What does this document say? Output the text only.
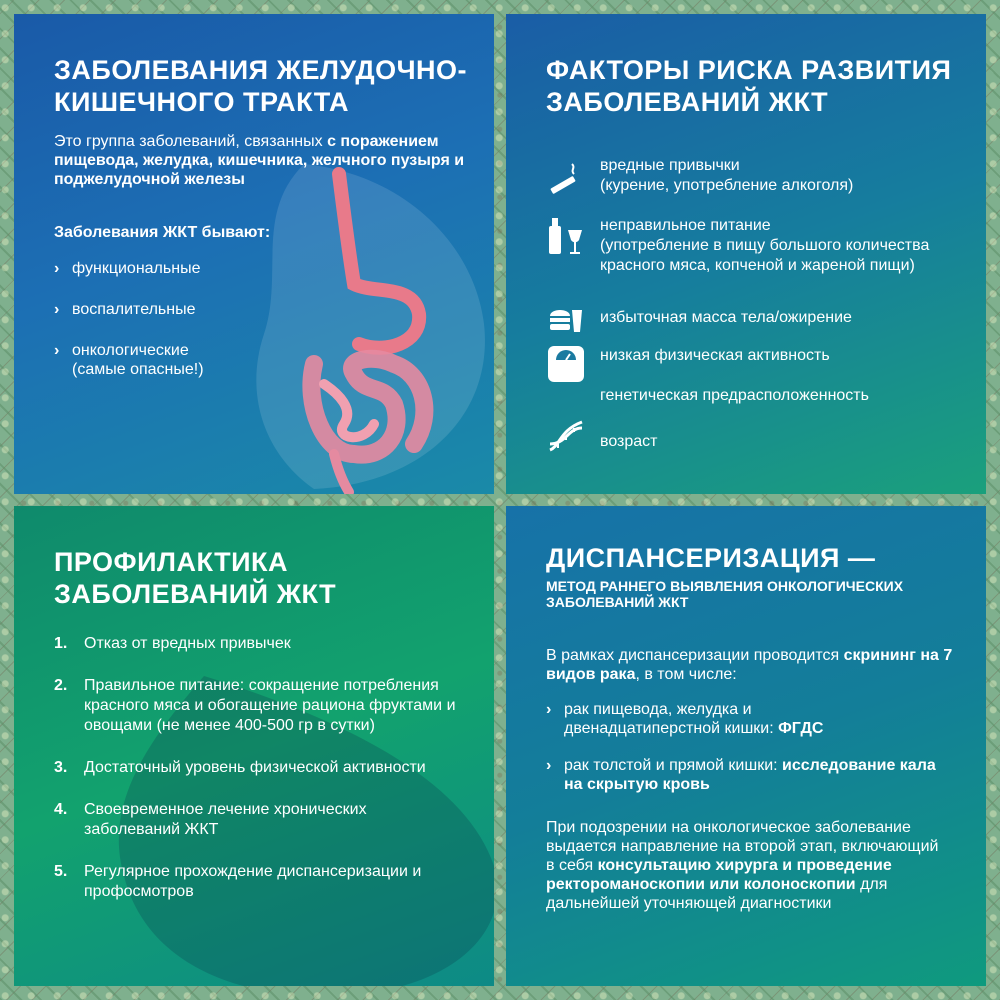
ЗАБОЛЕВАНИЯ ЖЕЛУДОЧНО-КИШЕЧНОГО ТРАКТА

Это группа заболеваний, связанных с поражением пищевода, желудка, кишечника, желчного пузыря и поджелудочной железы

Заболевания ЖКТ бывают:
› функциональные
› воспалительные
› онкологические
(самые опасные!)
ФАКТОРЫ РИСКА РАЗВИТИЯ ЗАБОЛЕВАНИЙ ЖКТ
вредные привычки
(курение, употребление алкоголя)
неправильное питание
(употребление в пищу большого количества красного мяса, копченой и жареной пищи)
избыточная масса тела/ожирение
низкая физическая активность
генетическая предрасположенность
возраст
ПРОФИЛАКТИКА ЗАБОЛЕВАНИЙ ЖКТ
1.	Отказ от вредных привычек
2.	Правильное питание: сокращение потребления красного мяса и обогащение рациона фруктами и овощами (не менее 400-500 гр в сутки)
3.	Достаточный уровень физической активности
4.	Своевременное лечение хронических заболеваний ЖКТ
5.	Регулярное прохождение диспансеризации и профосмотров
ДИСПАНСЕРИЗАЦИЯ —

МЕТОД РАННЕГО ВЫЯВЛЕНИЯ ОНКОЛОГИЧЕСКИХ ЗАБОЛЕВАНИЙ ЖКТ

В рамках диспансеризации проводится скрининг на 7 видов рака, в том числе:

› рак пищевода, желудка и двенадцатиперстной кишки: ФГДС
› рак толстой и прямой кишки: исследование кала на скрытую кровь

При подозрении на онкологическое заболевание выдается направление на второй этап, включающий в себя консультацию хирурга и проведение ректороманоскопии или колоноскопии для дальнейшей уточняющей диагностики
